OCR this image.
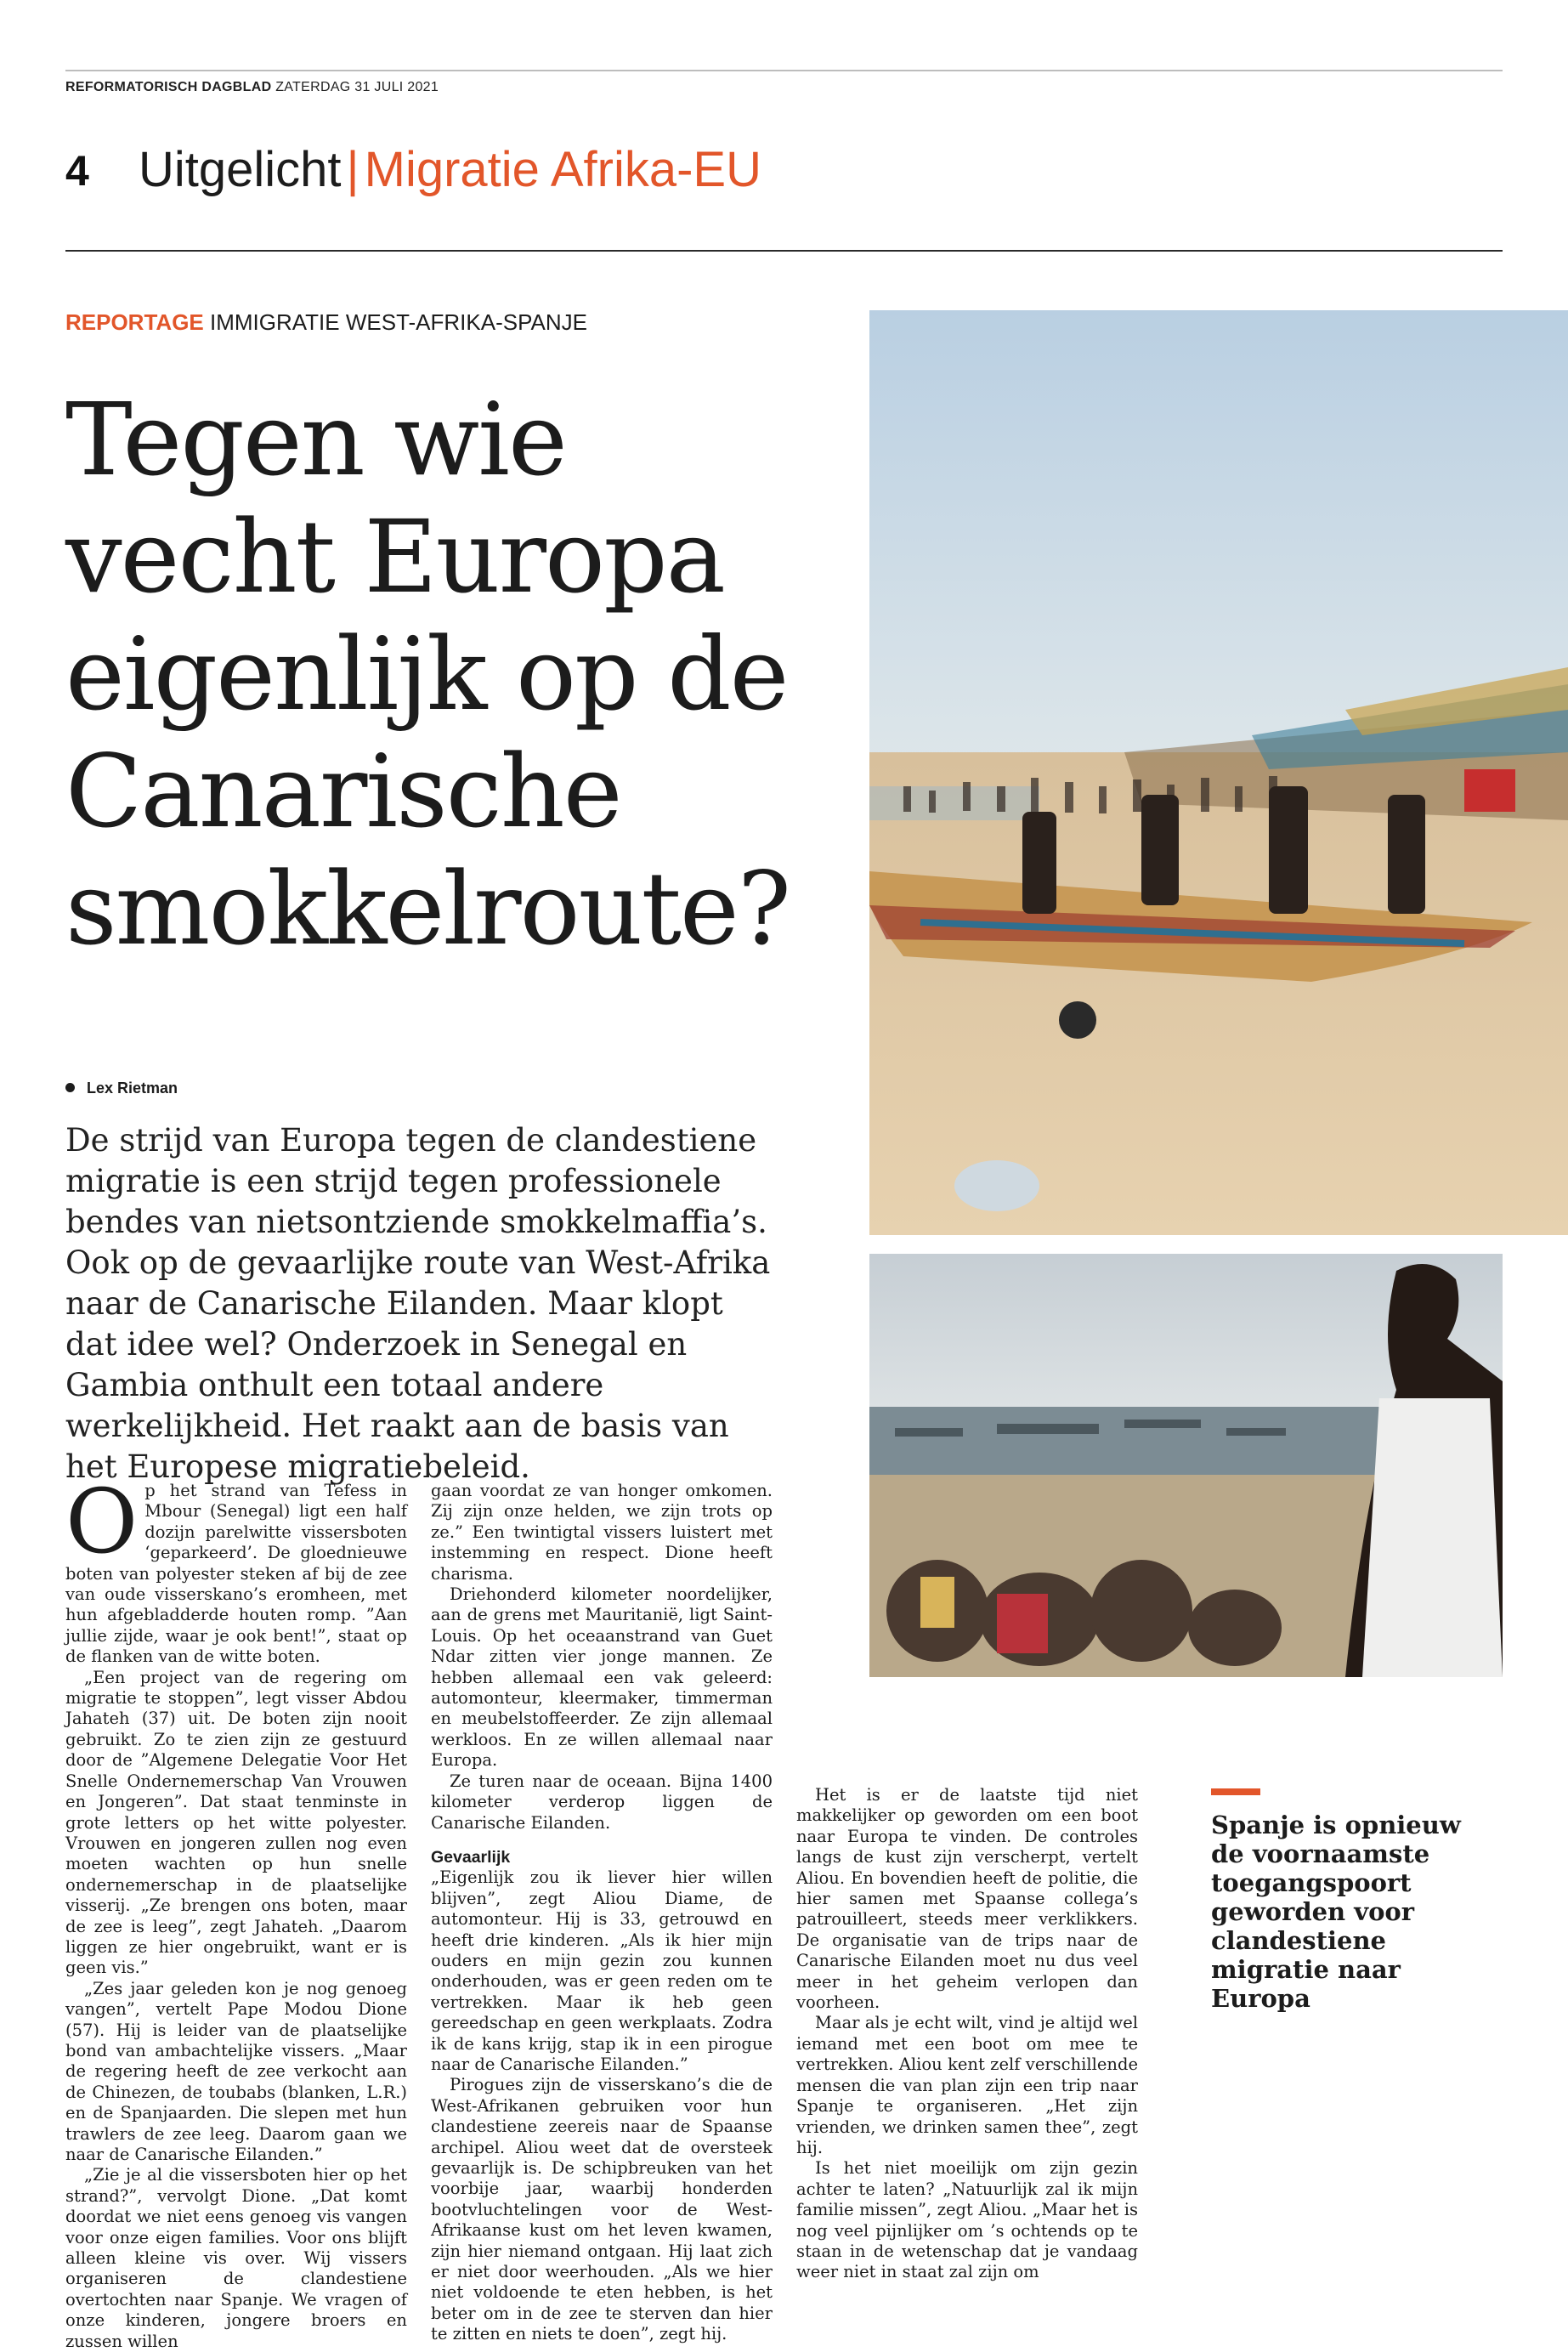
REFORMATORISCH DAGBLAD ZATERDAG 31 JULI 2021
4 Uitgelicht | Migratie Afrika-EU
REPORTAGE IMMIGRATIE WEST-AFRIKA-SPANJE
Tegen wie vecht Europa eigenlijk op de Canarische smokkelroute?
Lex Rietman

De strijd van Europa tegen de clandestiene migratie is een strijd tegen professionele bendes van nietsontziende smokkelmaffia’s. Ook op de gevaarlijke route van West-Afrika naar de Canarische Eilanden. Maar klopt dat idee wel? Onderzoek in Senegal en Gambia onthult een totaal andere werkelijkheid. Het raakt aan de basis van het Europese migratiebeleid.

Op het strand van Tefess in Mbour (Senegal) ligt een half dozijn parelwitte vissersboten ‘geparkeerd’. De gloednieuwe boten van polyester steken af bij de zee van oude visserskano’s eromheen, met hun afgebladderde houten romp. ”Aan jullie zijde, waar je ook bent!”, staat op de flanken van de witte boten.

„Een project van de regering om migratie te stoppen”, legt visser Abdou Jahateh (37) uit. De boten zijn nooit gebruikt. Zo te zien zijn ze gestuurd door de ”Algemene Delegatie Voor Het Snelle Ondernemerschap Van Vrouwen en Jongeren”. Dat staat tenminste in grote letters op het witte polyester. Vrouwen en jongeren zullen nog even moeten wachten op hun snelle ondernemerschap in de plaatselijke visserij. „Ze brengen ons boten, maar de zee is leeg”, zegt Jahateh. „Daarom liggen ze hier ongebruikt, want er is geen vis.”

„Zes jaar geleden kon je nog genoeg vangen”, vertelt Pape Modou Dione (57). Hij is leider van de plaatselijke bond van ambachtelijke vissers. „Maar de regering heeft de zee verkocht aan de Chinezen, de toubabs (blanken, L.R.) en de Spanjaarden. Die slepen met hun trawlers de zee leeg. Daarom gaan we naar de Canarische Eilanden.”

„Zie je al die vissersboten hier op het strand?”, vervolgt Dione. „Dat komt doordat we niet eens genoeg vis vangen voor onze eigen families. Voor ons blijft alleen kleine vis over. Wij vissers organiseren de clandestiene overtochten naar Spanje. We vragen of onze kinderen, jongere broers en zussen willen

gaan voordat ze van honger omkomen. Zij zijn onze helden, we zijn trots op ze.” Een twintigtal vissers luistert met instemming en respect. Dione heeft charisma.

Driehonderd kilometer noordelijker, aan de grens met Mauritanië, ligt Saint-Louis. Op het oceaanstrand van Guet Ndar zitten vier jonge mannen. Ze hebben allemaal een vak geleerd: automonteur, kleermaker, timmerman en meubelstoffeerder. Ze zijn allemaal werkloos. En ze willen allemaal naar Europa.

Ze turen naar de oceaan. Bijna 1400 kilometer verderop liggen de Canarische Eilanden.

Gevaarlijk

„Eigenlijk zou ik liever hier willen blijven”, zegt Aliou Diame, de automonteur. Hij is 33, getrouwd en heeft drie kinderen. „Als ik hier mijn ouders en mijn gezin zou kunnen onderhouden, was er geen reden om te vertrekken. Maar ik heb geen gereedschap en geen werkplaats. Zodra ik de kans krijg, stap ik in een pirogue naar de Canarische Eilanden.”

Pirogues zijn de visserskano’s die de West-Afrikanen gebruiken voor hun clandestiene zeereis naar de Spaanse archipel. Aliou weet dat de oversteek gevaarlijk is. De schipbreuken van het voorbije jaar, waarbij honderden bootvluchtelingen voor de West-Afrikaanse kust om het leven kwamen, zijn hier niemand ontgaan. Hij laat zich er niet door weerhouden. „Als we hier niet voldoende te eten hebben, is het beter om in de zee te sterven dan hier te zitten en niets te doen”, zegt hij.

Het is er de laatste tijd niet makkelijker op geworden om een boot naar Europa te vinden. De controles langs de kust zijn verscherpt, vertelt Aliou. En bovendien heeft de politie, die hier samen met Spaanse collega’s patrouilleert, steeds meer verklikkers. De organisatie van de trips naar de Canarische Eilanden moet nu dus veel meer in het geheim verlopen dan voorheen.

Maar als je echt wilt, vind je altijd wel iemand met een boot om mee te vertrekken. Aliou kent zelf verschillende mensen die van plan zijn een trip naar Spanje te organiseren. „Het zijn vrienden, we drinken samen thee”, zegt hij.

Is het niet moeilijk om zijn gezin achter te laten? „Natuurlijk zal ik mijn familie missen”, zegt Aliou. „Maar het is nog veel pijnlijker om ’s ochtends op te staan in de wetenschap dat je vandaag weer niet in staat zal zijn om

Spanje is opnieuw de voornaamste toegangspoort geworden voor clandestiene migratie naar Europa
